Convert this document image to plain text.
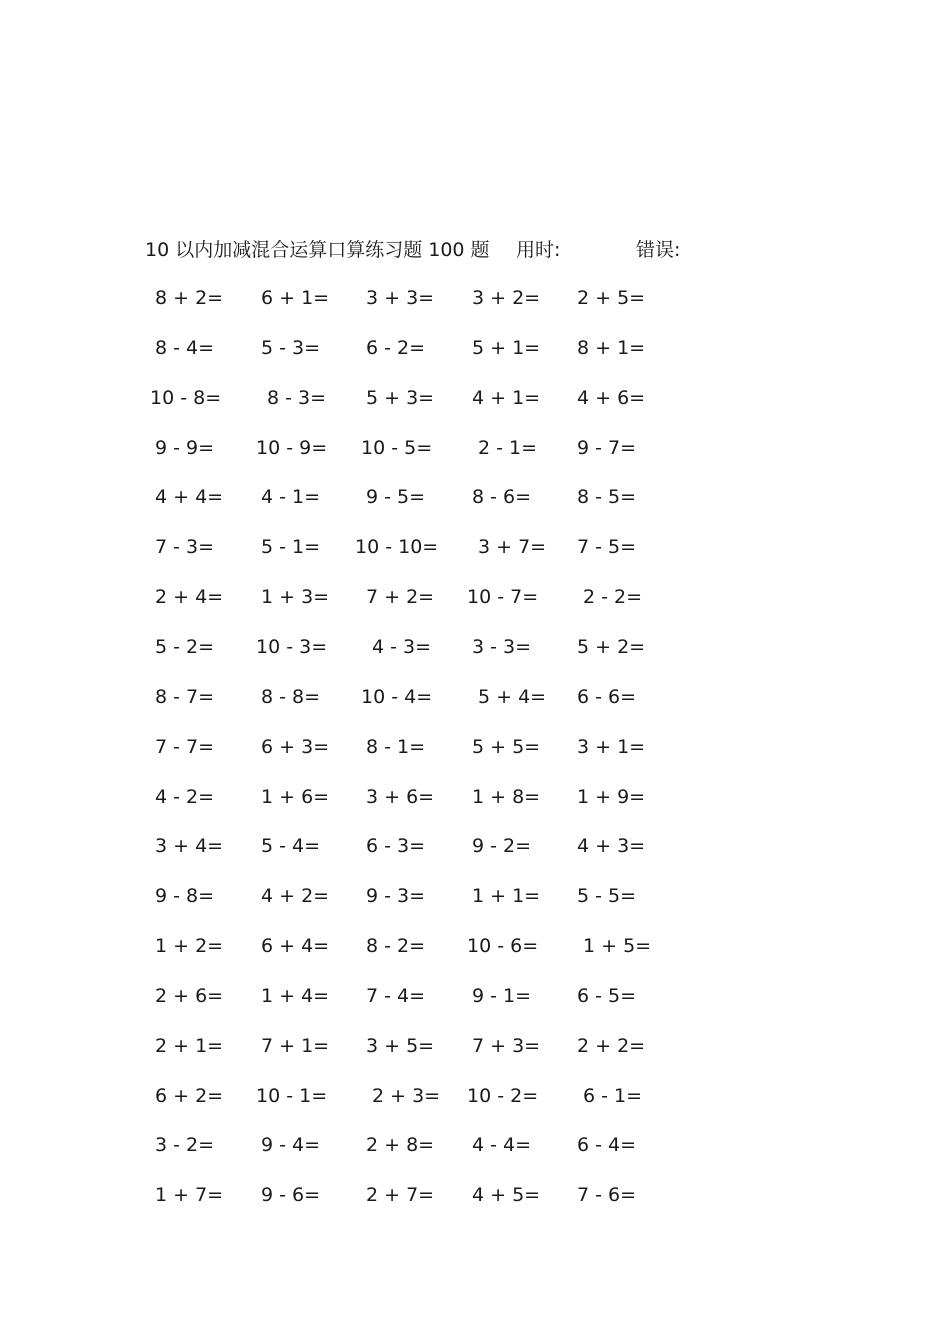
10 以内加减混合运算口算练习题 100 题 用时:	错误:
8 + 2= 6 + 1= 3 + 3= 3 + 2= 2 + 5=
8 - 4= 5 - 3= 6 - 2= 5 + 1= 8 + 1=
10 - 8= 8 - 3= 5 + 3= 4 + 1= 4 + 6=
9 - 9= 10 - 9= 10 - 5= 2 - 1= 9 - 7=
4 + 4= 4 - 1= 9 - 5= 8 - 6= 8 - 5=
7 - 3= 5 - 1= 10 - 10= 3 + 7= 7 - 5=
2 + 4= 1 + 3= 7 + 2= 10 - 7= 2 - 2=
5 - 2= 10 - 3= 4 - 3= 3 - 3= 5 + 2=
8 - 7= 8 - 8= 10 - 4= 5 + 4= 6 - 6=
7 - 7= 6 + 3= 8 - 1= 5 + 5= 3 + 1=
4 - 2= 1 + 6= 3 + 6= 1 + 8= 1 + 9=
3 + 4= 5 - 4= 6 - 3= 9 - 2= 4 + 3=
9 - 8= 4 + 2= 9 - 3= 1 + 1= 5 - 5=
1 + 2= 6 + 4= 8 - 2= 10 - 6= 1 + 5=
2 + 6= 1 + 4= 7 - 4= 9 - 1= 6 - 5=
2 + 1= 7 + 1= 3 + 5= 7 + 3= 2 + 2=
6 + 2= 10 - 1= 2 + 3= 10 - 2= 6 - 1=
3 - 2= 9 - 4= 2 + 8= 4 - 4= 6 - 4=
1 + 7= 9 - 6= 2 + 7= 4 + 5= 7 - 6=
